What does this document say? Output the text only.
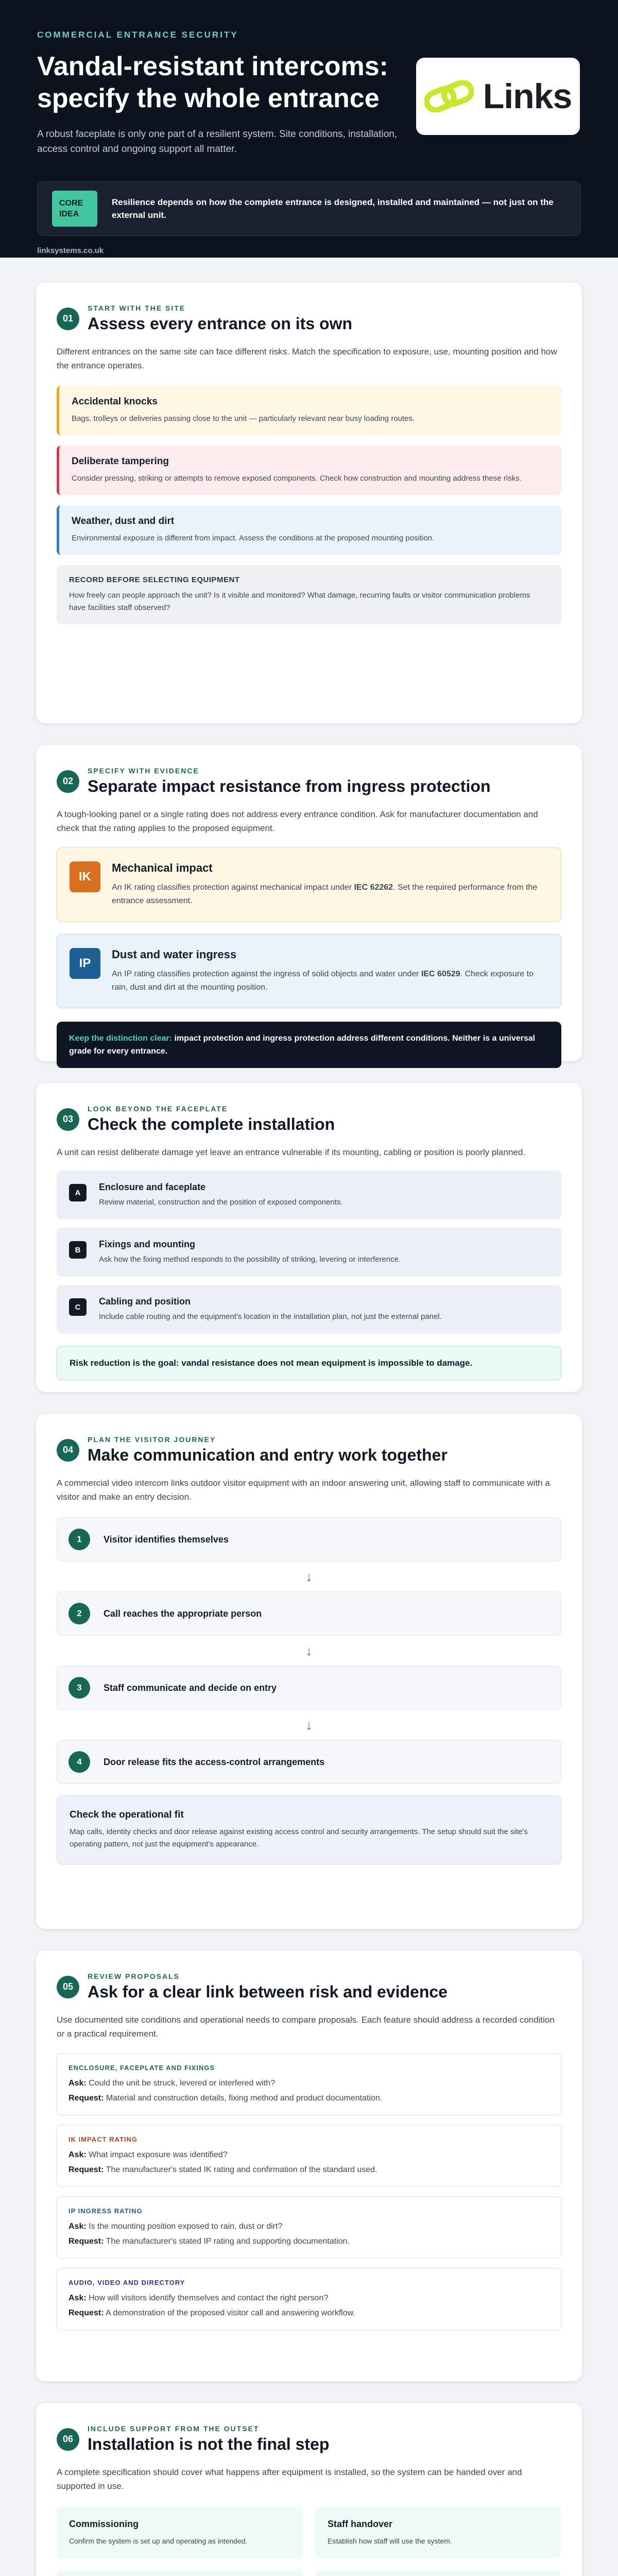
COMMERCIAL ENTRANCE SECURITY
Vandal-resistant intercoms: specify the whole entrance

A robust faceplate is only one part of a resilient system. Site conditions, installation, access control and ongoing support all matter.

Links
CORE IDEA
Resilience depends on how the complete entrance is designed, installed and maintained — not just on the external unit.
linksystems.co.uk
01
START WITH THE SITE
Assess every entrance on its own

Different entrances on the same site can face different risks. Match the specification to exposure, use, mounting position and how the entrance operates.

Accidental knocks

Bags, trolleys or deliveries passing close to the unit — particularly relevant near busy loading routes.

Deliberate tampering

Consider pressing, striking or attempts to remove exposed components. Check how construction and mounting address these risks.

Weather, dust and dirt

Environmental exposure is different from impact. Assess the conditions at the proposed mounting position.

RECORD BEFORE SELECTING EQUIPMENT

How freely can people approach the unit? Is it visible and monitored? What damage, recurring faults or visitor communication problems have facilities staff observed?

02
SPECIFY WITH EVIDENCE
Separate impact resistance from ingress protection

A tough-looking panel or a single rating does not address every entrance condition. Ask for manufacturer documentation and check that the rating applies to the proposed equipment.

IK
Mechanical impact

An IK rating classifies protection against mechanical impact under IEC 62262. Set the required performance from the entrance assessment.

IP
Dust and water ingress

An IP rating classifies protection against the ingress of solid objects and water under IEC 60529. Check exposure to rain, dust and dirt at the mounting position.

Keep the distinction clear: impact protection and ingress protection address different conditions. Neither is a universal grade for every entrance.
03
LOOK BEYOND THE FACEPLATE
Check the complete installation

A unit can resist deliberate damage yet leave an entrance vulnerable if its mounting, cabling or position is poorly planned.

A
Enclosure and faceplate

Review material, construction and the position of exposed components.

B
Fixings and mounting

Ask how the fixing method responds to the possibility of striking, levering or interference.

C
Cabling and position

Include cable routing and the equipment's location in the installation plan, not just the external panel.

Risk reduction is the goal: vandal resistance does not mean equipment is impossible to damage.
04
PLAN THE VISITOR JOURNEY
Make communication and entry work together

A commercial video intercom links outdoor visitor equipment with an indoor answering unit, allowing staff to communicate with a visitor and make an entry decision.

1	Visitor identifies themselves
↓
2	Call reaches the appropriate person
↓
3	Staff communicate and decide on entry
↓
4	Door release fits the access-control arrangements
Check the operational fit

Map calls, identity checks and door release against existing access control and security arrangements. The setup should suit the site's operating pattern, not just the equipment's appearance.

05
REVIEW PROPOSALS
Ask for a clear link between risk and evidence

Use documented site conditions and operational needs to compare proposals. Each feature should address a recorded condition or a practical requirement.

ENCLOSURE, FACEPLATE AND FIXINGS
Ask: Could the unit be struck, levered or interfered with?
Request: Material and construction details, fixing method and product documentation.
IK IMPACT RATING
Ask: What impact exposure was identified?
Request: The manufacturer's stated IK rating and confirmation of the standard used.
IP INGRESS RATING
Ask: Is the mounting position exposed to rain, dust or dirt?
Request: The manufacturer's stated IP rating and supporting documentation.
AUDIO, VIDEO AND DIRECTORY
Ask: How will visitors identify themselves and contact the right person?
Request: A demonstration of the proposed visitor call and answering workflow.
06
INCLUDE SUPPORT FROM THE OUTSET
Installation is not the final step

A complete specification should cover what happens after equipment is installed, so the system can be handed over and supported in use.

Commissioning

Confirm the system is set up and operating as intended.

Staff handover

Establish how staff will use the system.
